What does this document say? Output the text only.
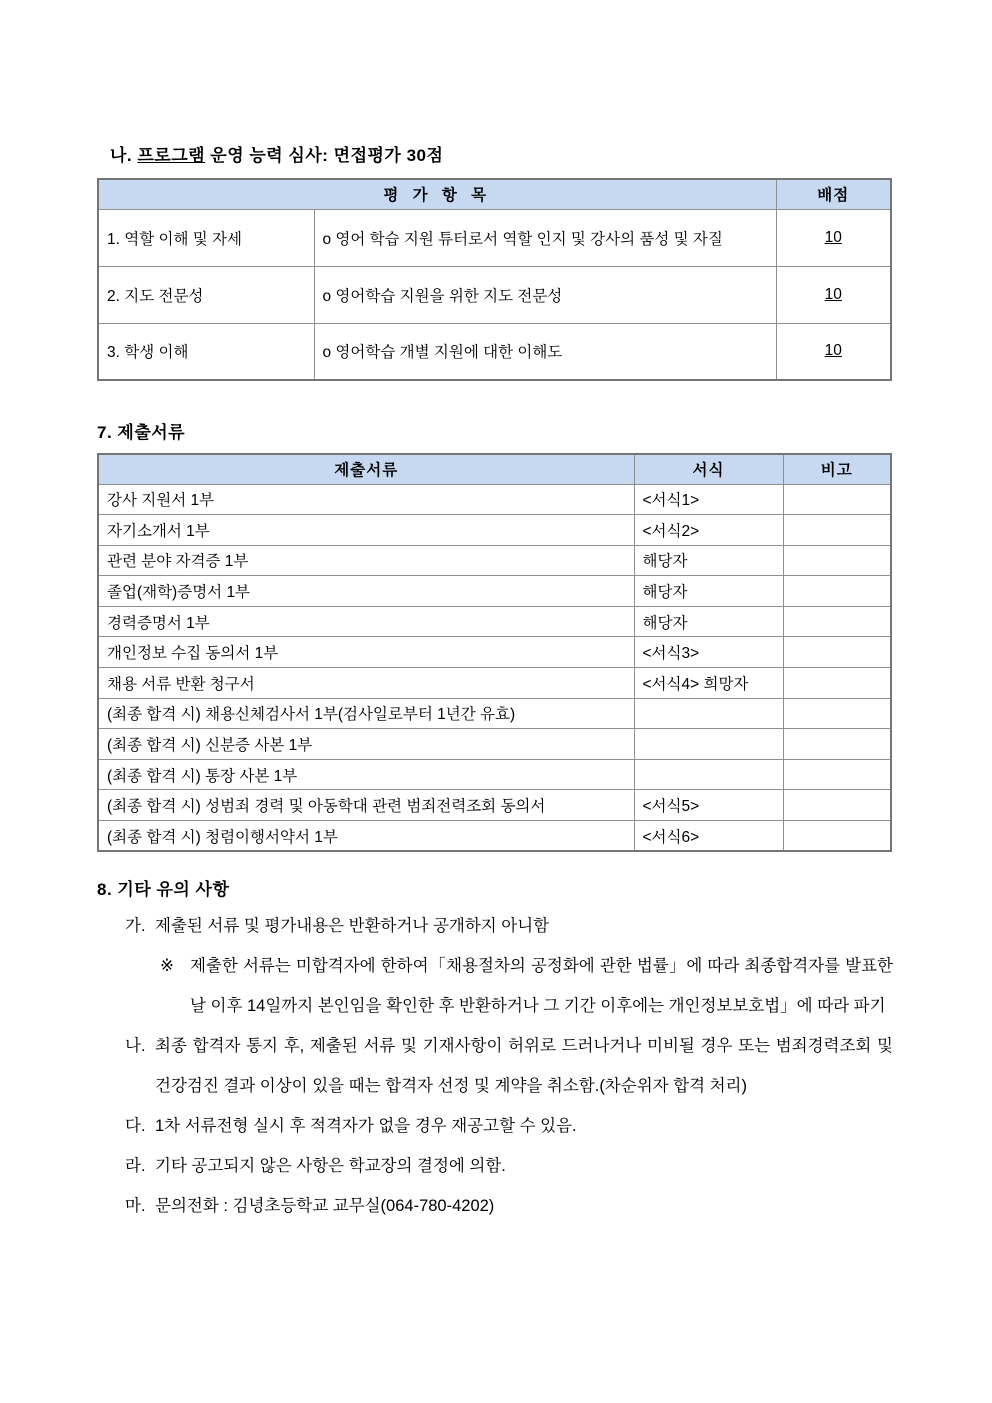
나. 프로그램 운영 능력 심사: 면접평가 30점
평 가 항 목		배점
1. 역할 이해 및 자세	o 영어 학습 지원 튜터로서 역할 인지 및 강사의 품성 및 자질	10
2. 지도 전문성	o 영어학습 지원을 위한 지도 전문성	10
3. 학생 이해	o 영어학습 개별 지원에 대한 이해도	10
7. 제출서류
제출서류	서식	비고
강사 지원서 1부	<서식1>	
자기소개서 1부	<서식2>	
관련 분야 자격증 1부	해당자	
졸업(재학)증명서 1부	해당자	
경력증명서 1부	해당자	
개인정보 수집 동의서 1부	<서식3>	
채용 서류 반환 청구서	<서식4> 희망자	
(최종 합격 시) 채용신체검사서 1부(검사일로부터 1년간 유효)		
(최종 합격 시) 신분증 사본 1부		
(최종 합격 시) 통장 사본 1부		
(최종 합격 시) 성범죄 경력 및 아동학대 관련 범죄전력조회 동의서	<서식5>	
(최종 합격 시) 청렴이행서약서 1부	<서식6>	
8. 기타 유의 사항
가. 제출된 서류 및 평가내용은 반환하거나 공개하지 아니함
※ 제출한 서류는 미합격자에 한하여「채용절차의 공정화에 관한 법률」에 따라 최종합격자를 발표한 날 이후 14일까지 본인임을 확인한 후 반환하거나 그 기간 이후에는 개인정보보호법」에 따라 파기
나. 최종 합격자 통지 후, 제출된 서류 및 기재사항이 허위로 드러나거나 미비될 경우 또는 범죄경력조회 및 건강검진 결과 이상이 있을 때는 합격자 선정 및 계약을 취소함.(차순위자 합격 처리)
다. 1차 서류전형 실시 후 적격자가 없을 경우 재공고할 수 있음.
라. 기타 공고되지 않은 사항은 학교장의 결정에 의함.
마. 문의전화 : 김녕초등학교 교무실(064-780-4202)
